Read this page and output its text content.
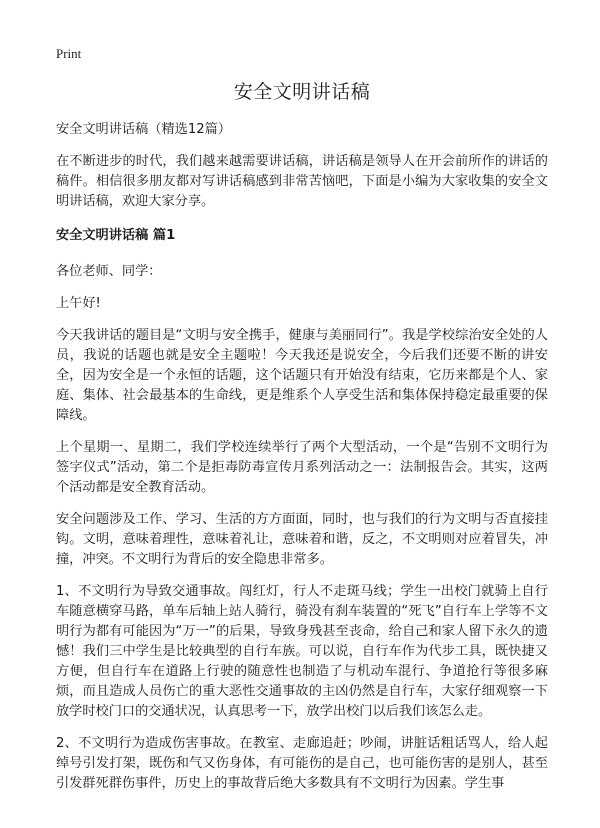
Print
安全文明讲话稿
安全文明讲话稿（精选12篇）

在不断进步的时代，我们越来越需要讲话稿，讲话稿是领导人在开会前所作的讲话的稿件。相信很多朋友都对写讲话稿感到非常苦恼吧，下面是小编为大家收集的安全文明讲话稿，欢迎大家分享。

安全文明讲话稿 篇1

各位老师、同学：

上午好!

今天我讲话的题目是“文明与安全携手，健康与美丽同行”。我是学校综治安全处的人员，我说的话题也就是安全主题啦！今天我还是说安全，今后我们还要不断的讲安全，因为安全是一个永恒的话题，这个话题只有开始没有结束，它历来都是个人、家庭、集体、社会最基本的生命线，更是维系个人享受生活和集体保持稳定最重要的保障线。

上个星期一、星期二，我们学校连续举行了两个大型活动，一个是“告别不文明行为签字仪式”活动，第二个是拒毒防毒宣传月系列活动之一：法制报告会。其实，这两个活动都是安全教育活动。

安全问题涉及工作、学习、生活的方方面面，同时，也与我们的行为文明与否直接挂钩。文明，意味着理性，意味着礼让，意味着和谐，反之，不文明则对应着冒失，冲撞，冲突。不文明行为背后的安全隐患非常多。

1、不文明行为导致交通事故。闯红灯，行人不走斑马线；学生一出校门就骑上自行车随意横穿马路，单车后轴上站人骑行，骑没有刹车装置的“死飞”自行车上学等不文明行为都有可能因为“万一”的后果，导致身残甚至丧命，给自己和家人留下永久的遗憾！我们三中学生是比较典型的自行车族。可以说，自行车作为代步工具，既快捷又方便，但自行车在道路上行驶的随意性也制造了与机动车混行、争道抢行等很多麻烦，而且造成人员伤亡的重大恶性交通事故的主凶仍然是自行车，大家仔细观察一下放学时校门口的交通状况，认真思考一下，放学出校门以后我们该怎么走。

2、不文明行为造成伤害事故。在教室、走廊追赶；吵闹，讲脏话粗话骂人，给人起绰号引发打架，既伤和气又伤身体，有可能伤的是自己，也可能伤害的是别人，甚至引发群死群伤事件，历史上的事故背后绝大多数具有不文明行为因素。学生事
